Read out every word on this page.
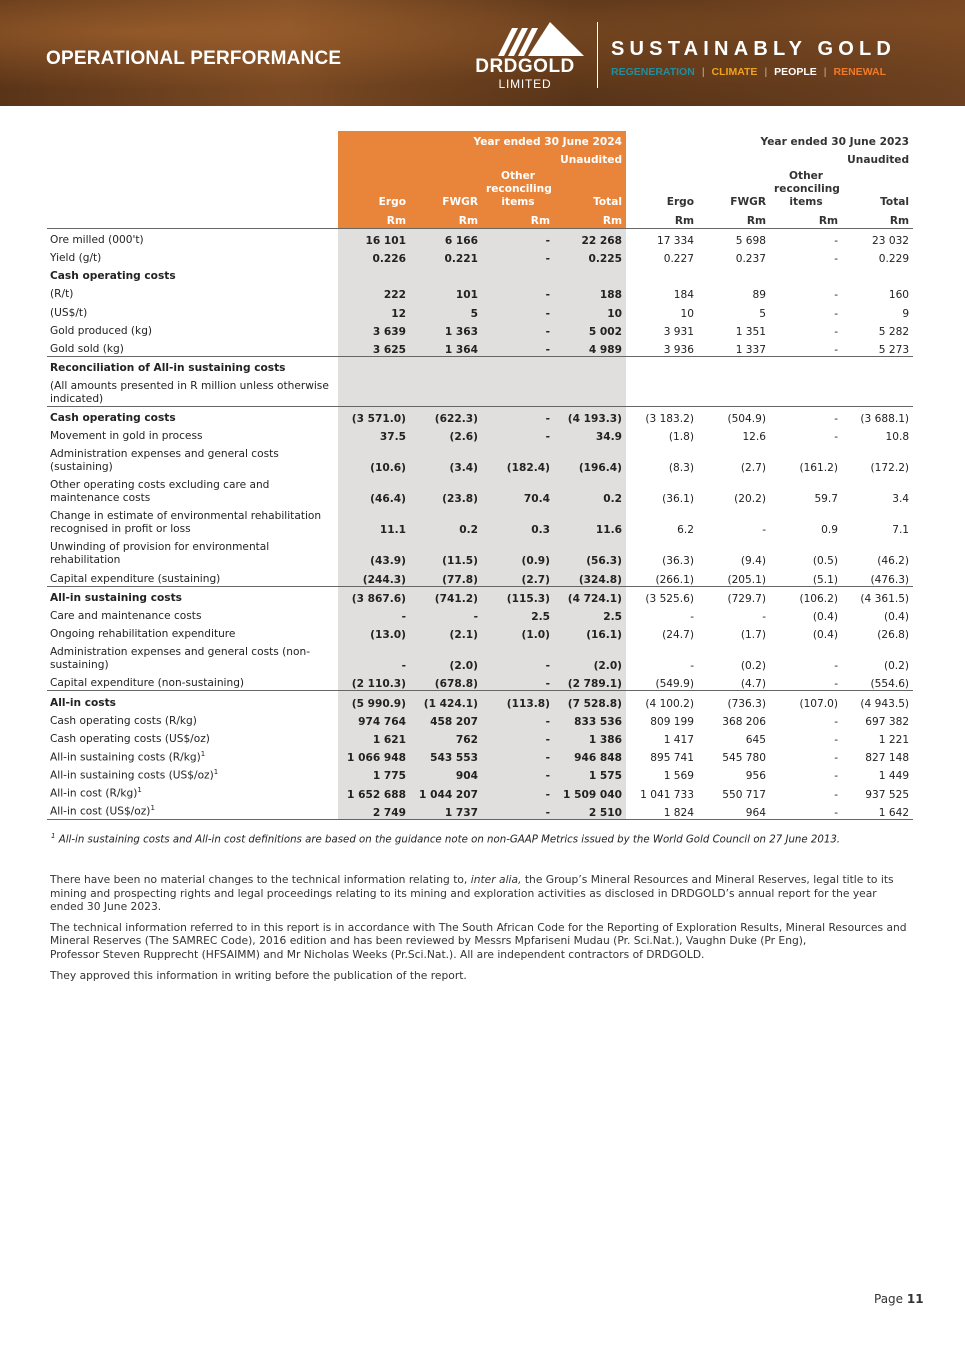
OPERATIONAL PERFORMANCE	DRDGOLD
LIMITED
SUSTAINABLY GOLD
REGENERATION | CLIMATE | PEOPLE | RENEWAL
	Year ended 30 June 2024				Year ended 30 June 2023			
	Unaudited				Unaudited			
	Ergo	FWGR	Other
reconciling
items	Total	Ergo	FWGR	Other
reconciling
items	Total
	Rm	Rm	Rm	Rm	Rm	Rm	Rm	Rm
Ore milled (000't)	16 101	6 166	-	22 268	17 334	5 698	-	23 032
Yield (g/t)	0.226	0.221	-	0.225	0.227	0.237	-	0.229
Cash operating costs								
(R/t)	222	101	-	188	184	89	-	160
(US$/t)	12	5	-	10	10	5	-	9
Gold produced (kg)	3 639	1 363	-	5 002	3 931	1 351	-	5 282
Gold sold (kg)	3 625	1 364	-	4 989	3 936	1 337	-	5 273
Reconciliation of All-in sustaining costs								
(All amounts presented in R million unless otherwise indicated)								
Cash operating costs	(3 571.0)	(622.3)	-	(4 193.3)	(3 183.2)	(504.9)	-	(3 688.1)
Movement in gold in process	37.5	(2.6)	-	34.9	(1.8)	12.6	-	10.8
Administration expenses and general costs (sustaining)	(10.6)	(3.4)	(182.4)	(196.4)	(8.3)	(2.7)	(161.2)	(172.2)
Other operating costs excluding care and maintenance costs	(46.4)	(23.8)	70.4	0.2	(36.1)	(20.2)	59.7	3.4
Change in estimate of environmental rehabilitation recognised in profit or loss	11.1	0.2	0.3	11.6	6.2	-	0.9	7.1
Unwinding of provision for environmental rehabilitation	(43.9)	(11.5)	(0.9)	(56.3)	(36.3)	(9.4)	(0.5)	(46.2)
Capital expenditure (sustaining)	(244.3)	(77.8)	(2.7)	(324.8)	(266.1)	(205.1)	(5.1)	(476.3)
All-in sustaining costs	(3 867.6)	(741.2)	(115.3)	(4 724.1)	(3 525.6)	(729.7)	(106.2)	(4 361.5)
Care and maintenance costs	-	-	2.5	2.5	-	-	(0.4)	(0.4)
Ongoing rehabilitation expenditure	(13.0)	(2.1)	(1.0)	(16.1)	(24.7)	(1.7)	(0.4)	(26.8)
Administration expenses and general costs (non-sustaining)	-	(2.0)	-	(2.0)	-	(0.2)	-	(0.2)
Capital expenditure (non-sustaining)	(2 110.3)	(678.8)	-	(2 789.1)	(549.9)	(4.7)	-	(554.6)
All-in costs	(5 990.9)	(1 424.1)	(113.8)	(7 528.8)	(4 100.2)	(736.3)	(107.0)	(4 943.5)
Cash operating costs (R/kg)	974 764	458 207	-	833 536	809 199	368 206	-	697 382
Cash operating costs (US$/oz)	1 621	762	-	1 386	1 417	645	-	1 221
All-in sustaining costs $(R/kg)^1$	1 066 948	543 553	-	946 848	895 741	545 780	-	827 148
All-in sustaining costs (US$/oz)$^1$	1 775	904	-	1 575	1 569	956	-	1 449
All-in cost $(R/kg)^1$	1 652 688	1 044 207	-	1 509 040	1 041 733	550 717	-	937 525
All-in cost (US$/oz)$^1$	2 749	1 737	-	2 510	1 824	964	-	1 642
$^1$ All-in sustaining costs and All-in cost definitions are based on the guidance note on non-GAAP Metrics issued by the World Gold Council on 27 June 2013.

There have been no material changes to the technical information relating to, inter alia, the Group’s Mineral Resources and Mineral Reserves, legal title to its mining and prospecting rights and legal proceedings relating to its mining and exploration activities as disclosed in DRDGOLD’s annual report for the year ended 30 June 2023.

The technical information referred to in this report is in accordance with The South African Code for the Reporting of Exploration Results, Mineral Resources and Mineral Reserves (The SAMREC Code), 2016 edition and has been reviewed by Messrs Mpfariseni Mudau (Pr. Sci.Nat.), Vaughn Duke (Pr Eng),
Professor Steven Rupprecht (HFSAIMM) and Mr Nicholas Weeks (Pr.Sci.Nat.). All are independent contractors of DRDGOLD.

They approved this information in writing before the publication of the report.

Page 11
